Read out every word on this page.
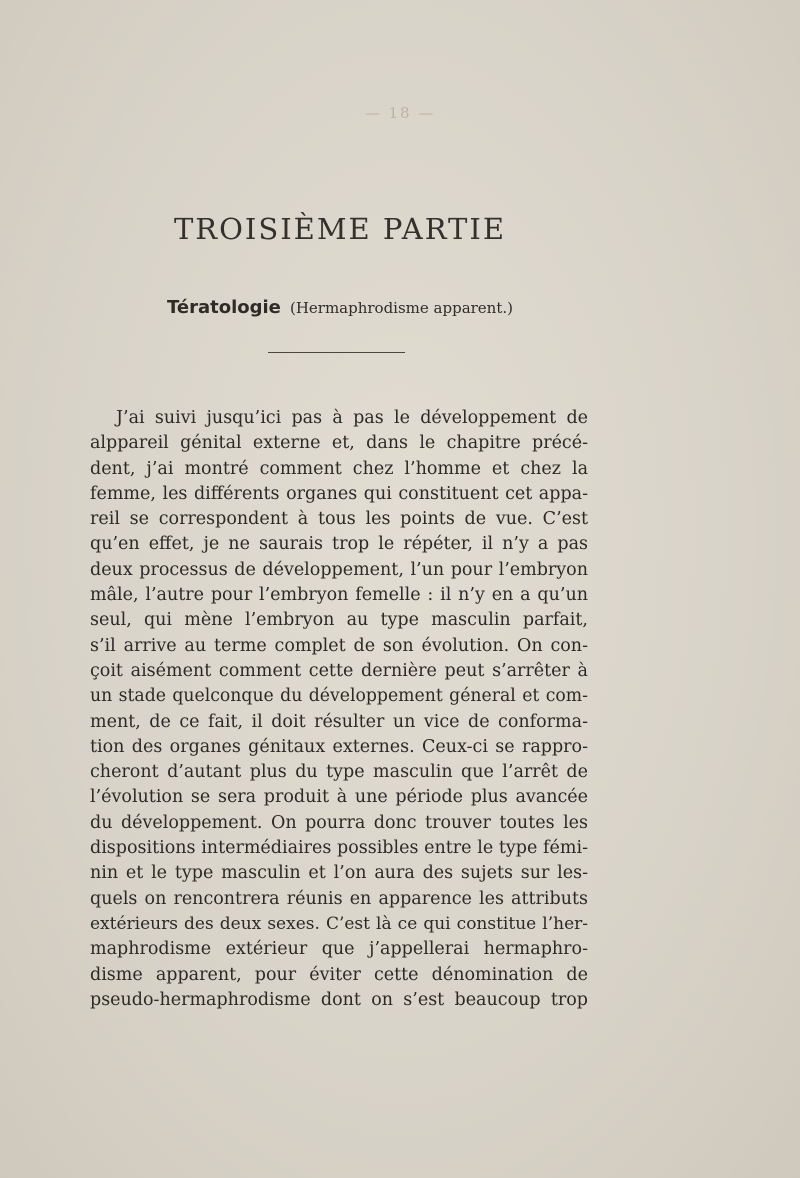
— 18 —
TROISIÈME PARTIE
Tératologie (Hermaphrodisme apparent.)
J’ai suivi jusqu’ici pas à pas le développement de
alppareil génital externe et, dans le chapitre précé-
dent, j’ai montré comment chez l’homme et chez la
femme, les différents organes qui constituent cet appa-
reil se correspondent à tous les points de vue. C’est
qu’en effet, je ne saurais trop le répéter, il n’y a pas
deux processus de développement, l’un pour l’embryon
mâle, l’autre pour l’embryon femelle : il n’y en a qu’un
seul, qui mène l’embryon au type masculin parfait,
s’il arrive au terme complet de son évolution. On con-
çoit aisément comment cette dernière peut s’arrêter à
un stade quelconque du développement géneral et com-
ment, de ce fait, il doit résulter un vice de conforma-
tion des organes génitaux externes. Ceux-ci se rappro-
cheront d’autant plus du type masculin que l’arrêt de
l’évolution se sera produit à une période plus avancée
du développement. On pourra donc trouver toutes les
dispositions intermédiaires possibles entre le type fémi-
nin et le type masculin et l’on aura des sujets sur les-
quels on rencontrera réunis en apparence les attributs
extérieurs des deux sexes. C’est là ce qui constitue l’her-
maphrodisme extérieur que j’appellerai hermaphro-
disme apparent, pour éviter cette dénomination de
pseudo-hermaphrodisme dont on s’est beaucoup trop
